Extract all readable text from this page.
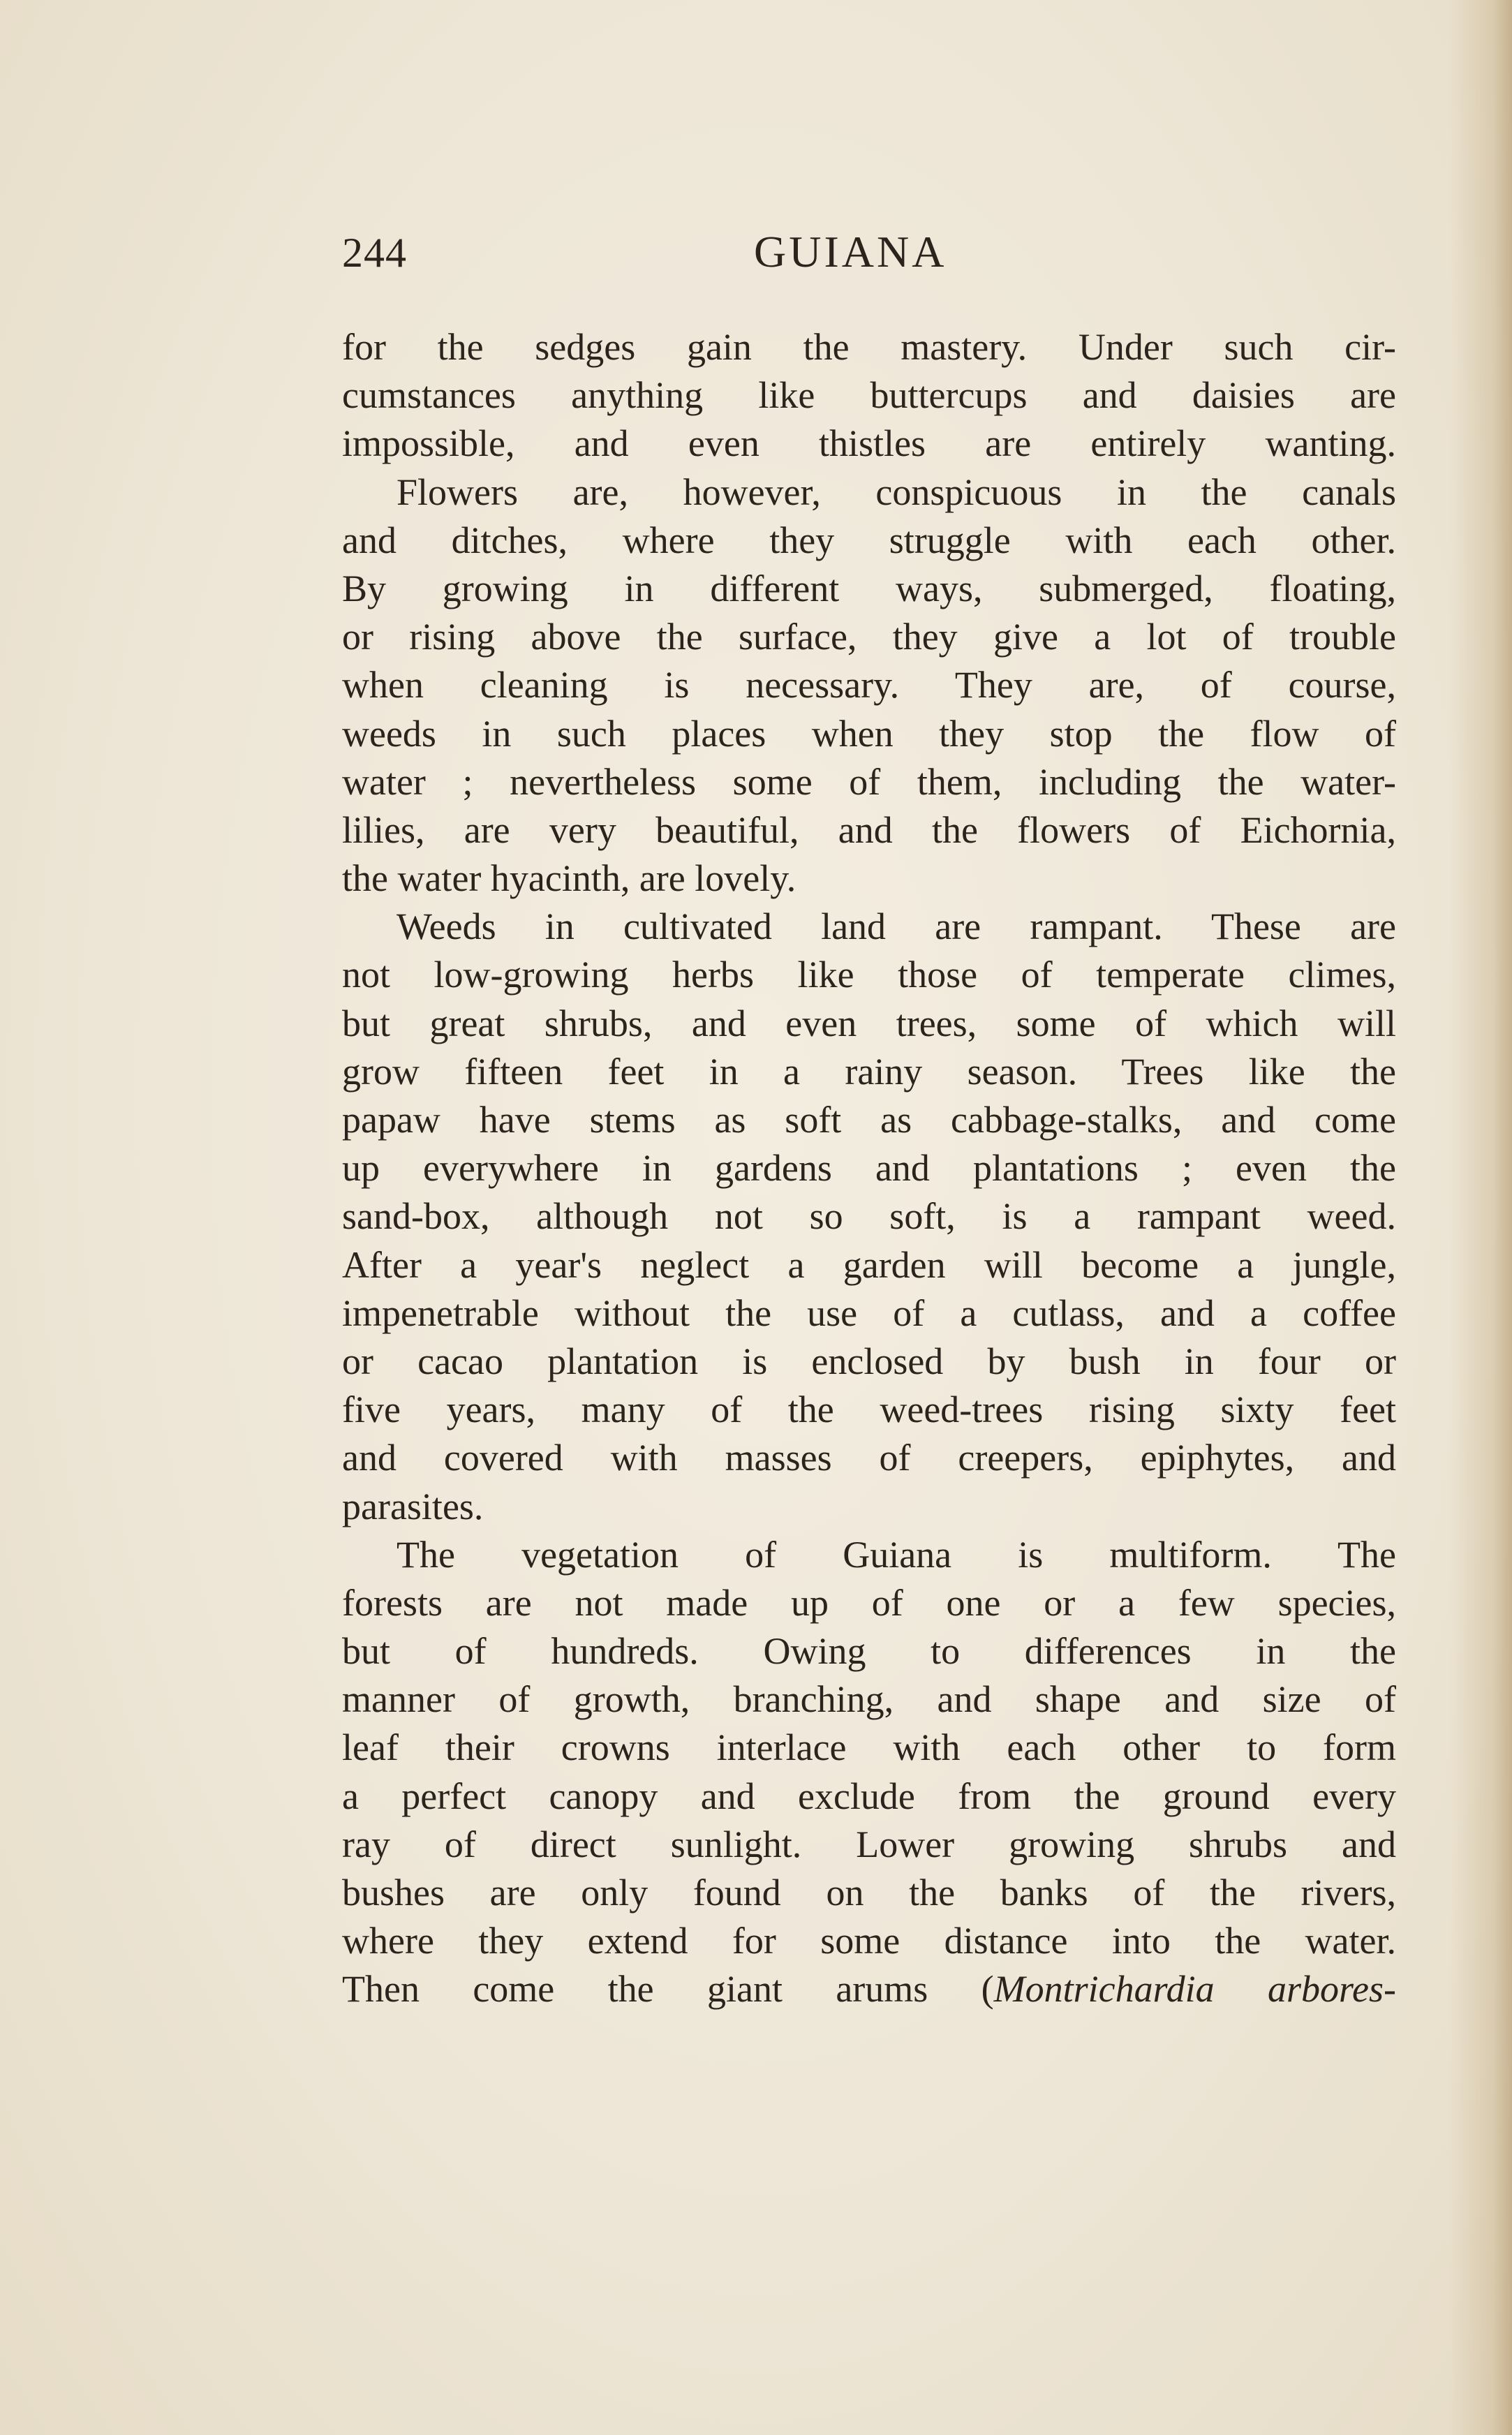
244	GUIANA
for the sedges gain the mastery. Under such cir-
cumstances anything like buttercups and daisies are
impossible, and even thistles are entirely wanting.
Flowers are, however, conspicuous in the canals
and ditches, where they struggle with each other.
By growing in different ways, submerged, floating,
or rising above the surface, they give a lot of trouble
when cleaning is necessary. They are, of course,
weeds in such places when they stop the flow of
water ; nevertheless some of them, including the water-
lilies, are very beautiful, and the flowers of Eichornia,
the water hyacinth, are lovely.
Weeds in cultivated land are rampant. These are
not low-growing herbs like those of temperate climes,
but great shrubs, and even trees, some of which will
grow fifteen feet in a rainy season. Trees like the
papaw have stems as soft as cabbage-stalks, and come
up everywhere in gardens and plantations ; even the
sand-box, although not so soft, is a rampant weed.
After a year's neglect a garden will become a jungle,
impenetrable without the use of a cutlass, and a coffee
or cacao plantation is enclosed by bush in four or
five years, many of the weed-trees rising sixty feet
and covered with masses of creepers, epiphytes, and
parasites.
The vegetation of Guiana is multiform. The
forests are not made up of one or a few species,
but of hundreds. Owing to differences in the
manner of growth, branching, and shape and size of
leaf their crowns interlace with each other to form
a perfect canopy and exclude from the ground every
ray of direct sunlight. Lower growing shrubs and
bushes are only found on the banks of the rivers,
where they extend for some distance into the water.
Then come the giant arums (Montrichardia arbores-
